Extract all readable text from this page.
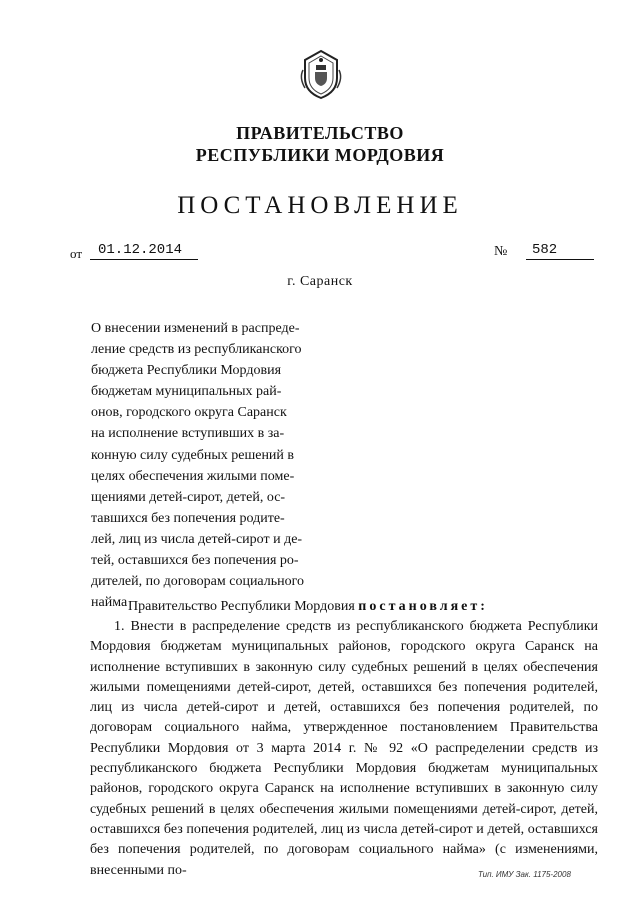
ПРАВИТЕЛЬСТВО
РЕСПУБЛИКИ МОРДОВИЯ
ПОСТАНОВЛЕНИЕ
от	01.12.2014	№	582
г. Саранск
О внесении изменений в распреде-
ление средств из республиканского
бюджета Республики Мордовия
бюджетам муниципальных рай-
онов, городского округа Саранск
на исполнение вступивших в за-
конную силу судебных решений в
целях обеспечения жилыми поме-
щениями детей-сирот, детей, ос-
тавшихся без попечения родите-
лей, лиц из числа детей-сирот и де-
тей, оставшихся без попечения ро-
дителей, по договорам социального
найма Правительство Республики Мордовия постановляет:
1. Внести в распределение средств из республиканского бюджета Республики Мордовия бюджетам муниципальных районов, городского округа Саранск на исполнение вступивших в законную силу судебных решений в целях обеспечения жилыми помещениями детей-сирот, детей, оставшихся без попечения родителей, лиц из числа детей-сирот и детей, оставшихся без попечения родителей, по договорам социального найма, утвержденное постановлением Правительства Республики Мордовия от 3 марта 2014 г. № 92 «О распределении средств из республиканского бюджета Республики Мордовия бюджетам муниципальных районов, городского округа Саранск на исполнение вступивших в законную силу судебных решений в целях обеспечения жилыми помещениями детей-сирот, детей, оставшихся без попечения родителей, лиц из числа детей-сирот и детей, оставшихся без попечения родителей, по договорам социального найма» (с изменениями, внесенными по-	Тип. ИМУ Зак. 1175-2008
